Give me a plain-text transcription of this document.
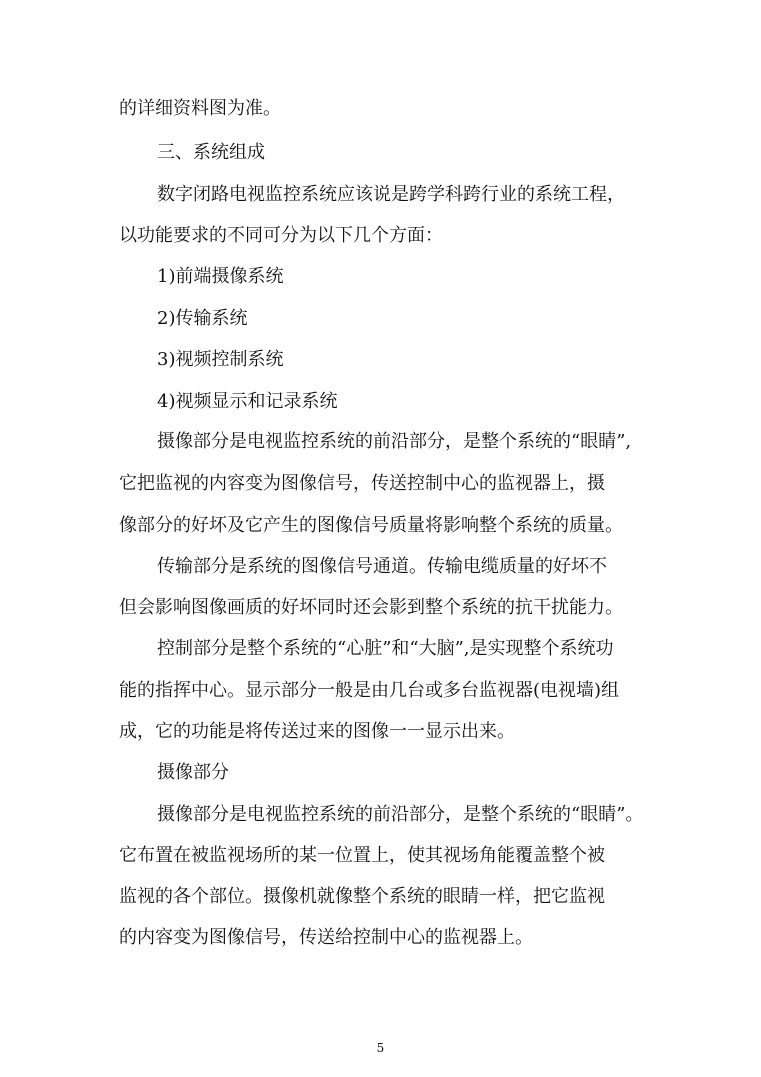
的详细资料图为准。
三、系统组成
数字闭路电视监控系统应该说是跨学科跨行业的系统工程，
以功能要求的不同可分为以下几个方面：
1)前端摄像系统
2)传输系统
3)视频控制系统
4)视频显示和记录系统
摄像部分是电视监控系统的前沿部分，是整个系统的“眼睛”,
它把监视的内容变为图像信号，传送控制中心的监视器上，摄
像部分的好坏及它产生的图像信号质量将影响整个系统的质量。
传输部分是系统的图像信号通道。传输电缆质量的好坏不
但会影响图像画质的好坏同时还会影到整个系统的抗干扰能力。
控制部分是整个系统的“心脏”和“大脑”,是实现整个系统功
能的指挥中心。显示部分一般是由几台或多台监视器(电视墙)组
成，它的功能是将传送过来的图像一一显示出来。
摄像部分
摄像部分是电视监控系统的前沿部分，是整个系统的“眼睛”。
它布置在被监视场所的某一位置上，使其视场角能覆盖整个被
监视的各个部位。摄像机就像整个系统的眼睛一样，把它监视
的内容变为图像信号，传送给控制中心的监视器上。
5
